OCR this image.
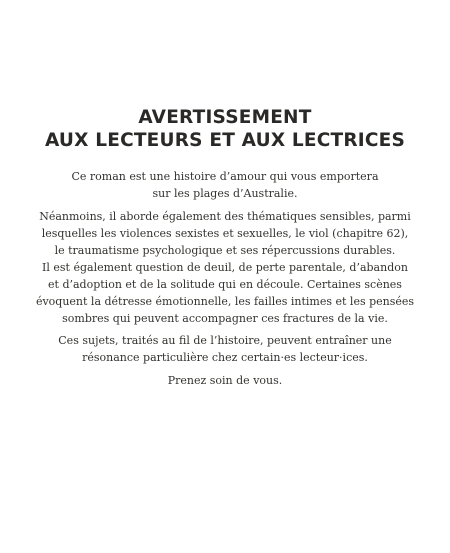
AVERTISSEMENT
AUX LECTEURS ET AUX LECTRICES

Ce roman est une histoire d’amour qui vous emportera
sur les plages d’Australie.

Néanmoins, il aborde également des thématiques sensibles, parmi
lesquelles les violences sexistes et sexuelles, le viol (chapitre 62),
le traumatisme psychologique et ses répercussions durables.
Il est également question de deuil, de perte parentale, d’abandon
et d’adoption et de la solitude qui en découle. Certaines scènes
évoquent la détresse émotionnelle, les failles intimes et les pensées
sombres qui peuvent accompagner ces fractures de la vie.

Ces sujets, traités au fil de l’histoire, peuvent entraîner une
résonance particulière chez certain·es lecteur·ices.

Prenez soin de vous.
